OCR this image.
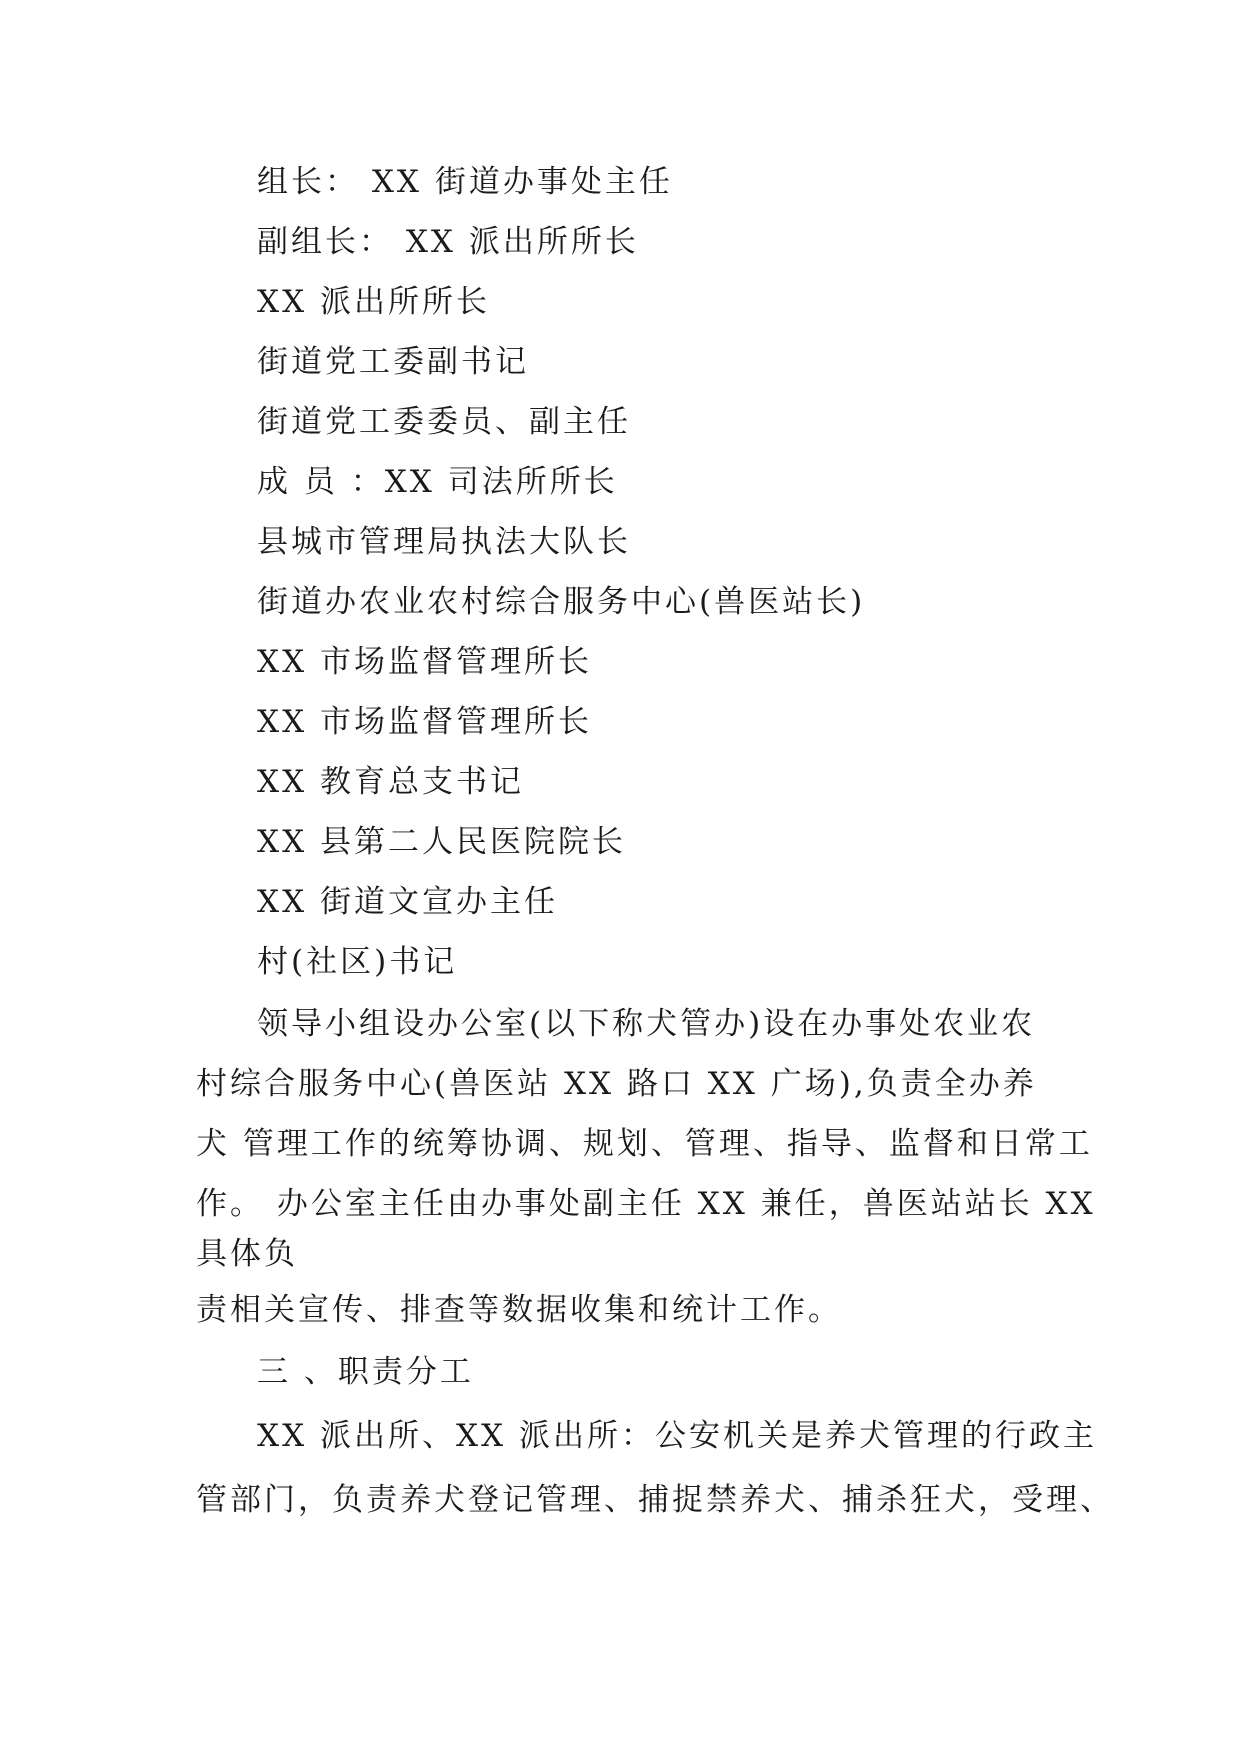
组长： XX 街道办事处主任
副组长： XX 派出所所长
XX 派出所所长
街道党工委副书记
街道党工委委员、副主任
成 员 ：XX 司法所所长
县城市管理局执法大队长
街道办农业农村综合服务中心(兽医站长)
XX 市场监督管理所长
XX 市场监督管理所长
XX 教育总支书记
XX 县第二人民医院院长
XX 街道文宣办主任
村(社区)书记
领导小组设办公室(以下称犬管办)设在办事处农业农
村综合服务中心(兽医站 XX 路口 XX 广场),负责全办养
犬 管理工作的统筹协调、规划、管理、指导、监督和日常工
作。 办公室主任由办事处副主任 XX 兼任，兽医站站长 XX
具体负
责相关宣传、排查等数据收集和统计工作。
三 、职责分工
XX 派出所、XX 派出所：公安机关是养犬管理的行政主
管部门，负责养犬登记管理、捕捉禁养犬、捕杀狂犬，受理、
